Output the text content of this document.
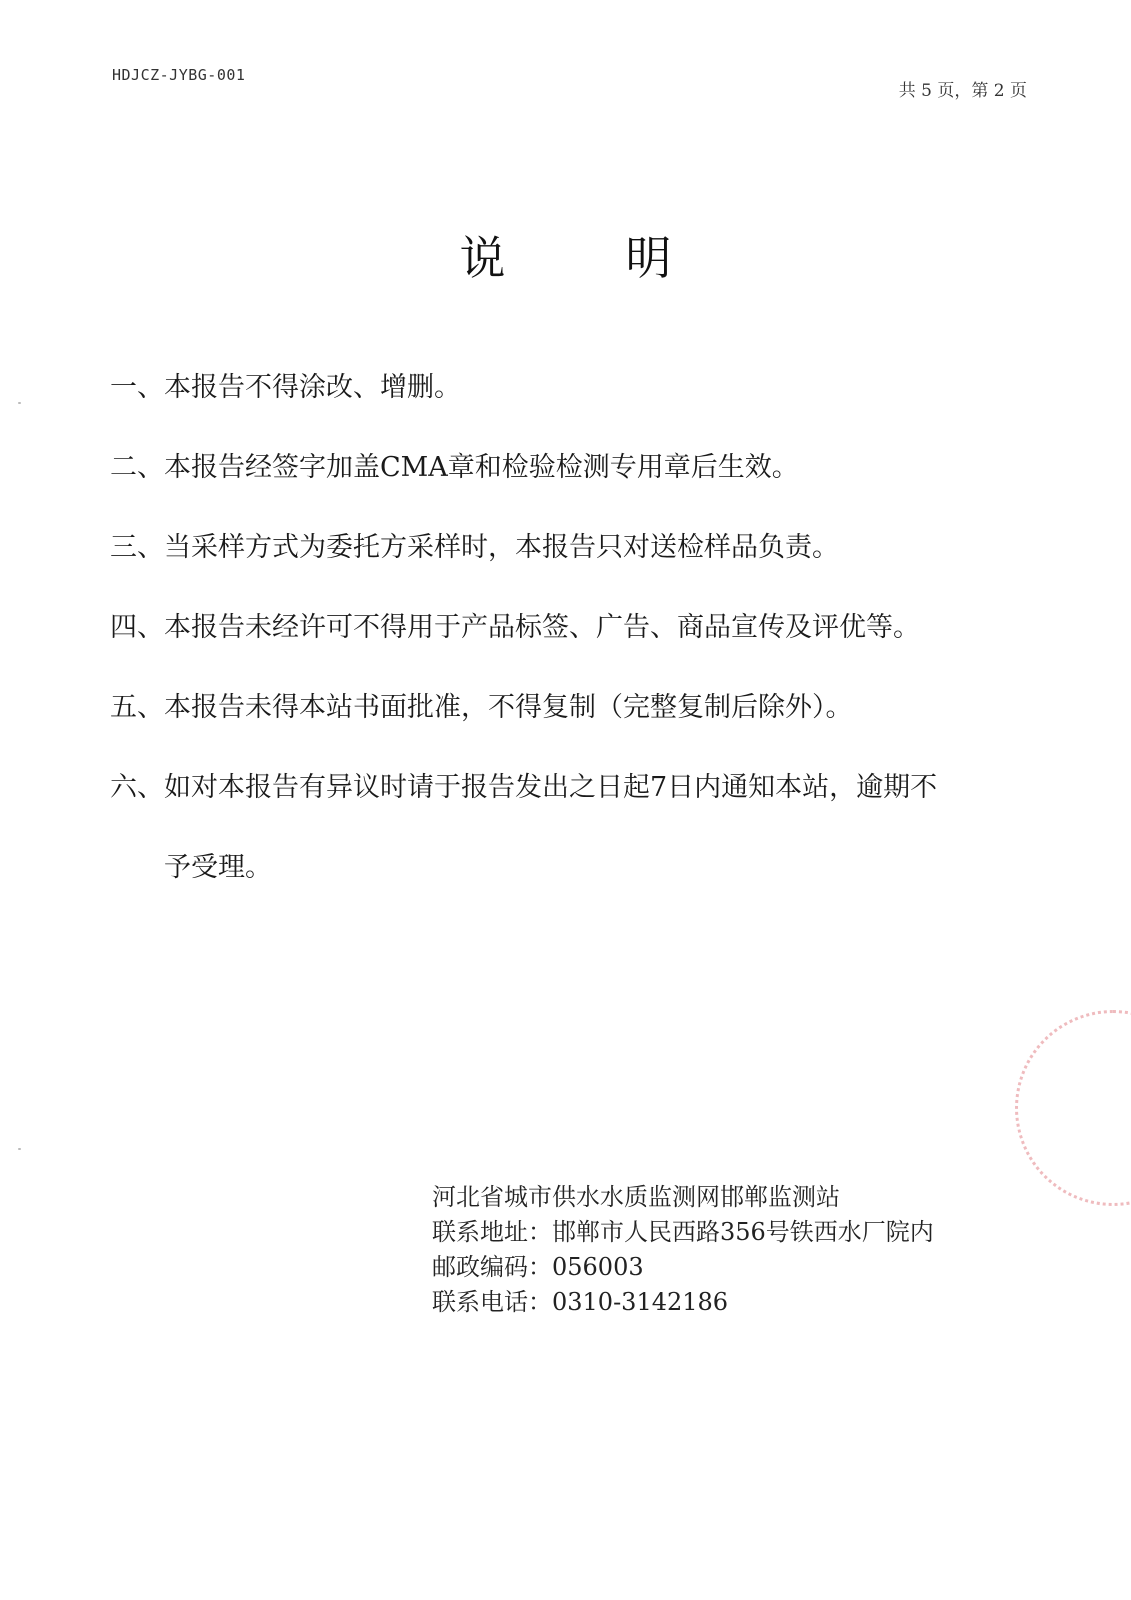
HDJCZ-JYBG-001
共 5 页，第 2 页
说明
一、 本报告不得涂改、增删。
二、 本报告经签字加盖CMA章和检验检测专用章后生效。
三、 当采样方式为委托方采样时，本报告只对送检样品负责。
四、 本报告未经许可不得用于产品标签、广告、商品宣传及评优等。
五、 本报告未得本站书面批准，不得复制（完整复制后除外）。
六、 如对本报告有异议时请于报告发出之日起7日内通知本站，逾期不
予受理。
河北省城市供水水质监测网邯郸监测站
联系地址：邯郸市人民西路356号铁西水厂院内
邮政编码：056003
联系电话：0310-3142186
